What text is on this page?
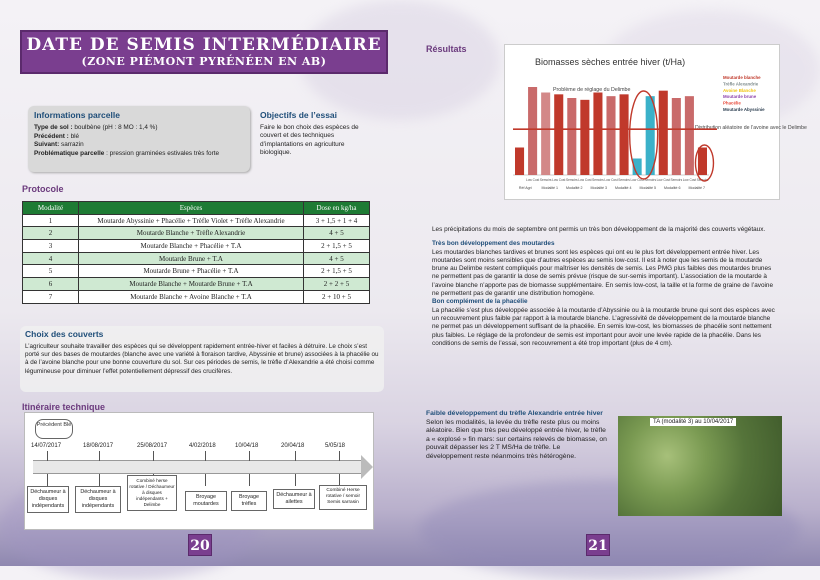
DATE DE SEMIS INTERMÉDIAIRE
(ZONE PIÉMONT PYRÉNÉEN EN AB)
Informations parcelle

Type de sol : boulbène (pH : 8 MO : 1,4 %)

Précédent : blé

Suivant: sarrazin

Problématique parcelle : pression graminées estivales très forte

Objectifs de l’essai

Faire le bon choix des espèces de couvert et des techniques d’implantations en agriculture biologique.

Protocole
Modalité	Espèces	Dose en kg/ha
1	Moutarde Abyssinie + Phacélie + Trèfle Violet + Trèfle Alexandrie	3 + 1,5 + 1 + 4
2	Moutarde Blanche + Trèfle Alexandrie	4 + 5
3	Moutarde Blanche + Phacélie + T.A	2 + 1,5 + 5
4	Moutarde Brune + T.A	4 + 5
5	Moutarde Brune + Phacélie + T.A	2 + 1,5 + 5
6	Moutarde Blanche + Moutarde Brune + T.A	2 + 2 + 5
7	Moutarde Blanche + Avoine Blanche + T.A	2 + 10 + 5
Choix des couverts

L’agriculteur souhaite travailler des espèces qui se développent rapidement entrée-hiver et faciles à détruire. Le choix s’est porté sur des bases de moutardes (blanche avec une variété à floraison tardive, Abyssinie et brune) associées à la phacélie ou à de l’avoine blanche pour une bonne couverture du sol. Sur ces périodes de semis, le trèfle d’Alexandrie a été choisi comme légumineuse pour diminuer l’effet potentiellement dépressif des crucifères.

Itinéraire technique
Précédent Blé
14/07/2017	18/08/2017	25/08/2017	4/02/2018	10/04/18	20/04/18	5/05/18
Déchaumeur à disques indépendants
Déchaumeur à disques indépendants
Combiné herse rotative / Déchaumeur à disques indépendants + Delimbe
Broyage moutardes
Broyage trèfles
Déchaumeur à ailettes
Combiné Herse rotative / semoir Semis sarrasin
20
Résultats
Biomasses sèches entrée hiver (t/Ha)
Problème de réglage du Delimbe
Distribution aléatoire de l’avoine avec le Delimbe
Low Cost Semoirs Low Cost Semoirs Low Cost Semoirs Low Cost Semoirs Low Cost Semoirs Low Cost Semoirs Low Cost Semoirs
Réf Agri	Modalité 1 Modalité 2 Modalité 3 Modalité 4 Modalité 5 Modalité 6 Modalité 7
Moutarde blanche
Trèfle Alexandrie
Avoine Blanche
Moutarde brune
Phacélie
Moutarde Abyssinie

Les précipitations du mois de septembre ont permis un très bon développement de la majorité des couverts végétaux.

Très bon développement des moutardes

Les moutardes blanches tardives et brunes sont les espèces qui ont eu le plus fort développement entrée hiver. Les moutardes sont moins sensibles que d’autres espèces au semis low-cost. Il est à noter que les semis de la moutarde brune au Delimbe restent compliqués pour maîtriser les densités de semis. Les PMG plus faibles des moutardes brunes ne permettent pas de garantir la dose de semis prévue (risque de sur-semis important). L’association de la moutarde à l’avoine blanche n’apporte pas de biomasse supplémentaire. En semis low-cost, la taille et la forme de graine de l’avoine ne permettent pas de garantir une distribution homogène.

Bon complément de la phacélie

La phacélie s’est plus développée associée à la moutarde d’Abyssinie ou à la moutarde brune qui sont des espèces avec un recouvrement plus faible par rapport à la moutarde blanche. L’agressivité de développement de la moutarde blanche ne permet pas un développement suffisant de la phacélie. En semis low-cost, les biomasses de phacélie sont nettement plus faibles. Le réglage de la profondeur de semis est important pour avoir une levée rapide de la phacélie. Dans les conditions de semis de l’essai, son recouvrement a été trop important (plus de 4 cm).

Faible développement du trèfle Alexandrie entrée hiver

Selon les modalités, la levée du trèfle reste plus ou moins aléatoire. Bien que très peu développé entrée hiver, le trèfle a « explosé » fin mars: sur certains relevés de biomasse, on pouvait dépasser les 2 T MS/Ha de trèfle. Le développement reste néanmoins très hétérogène.

TA (modalité 3) au 10/04/2017
21
